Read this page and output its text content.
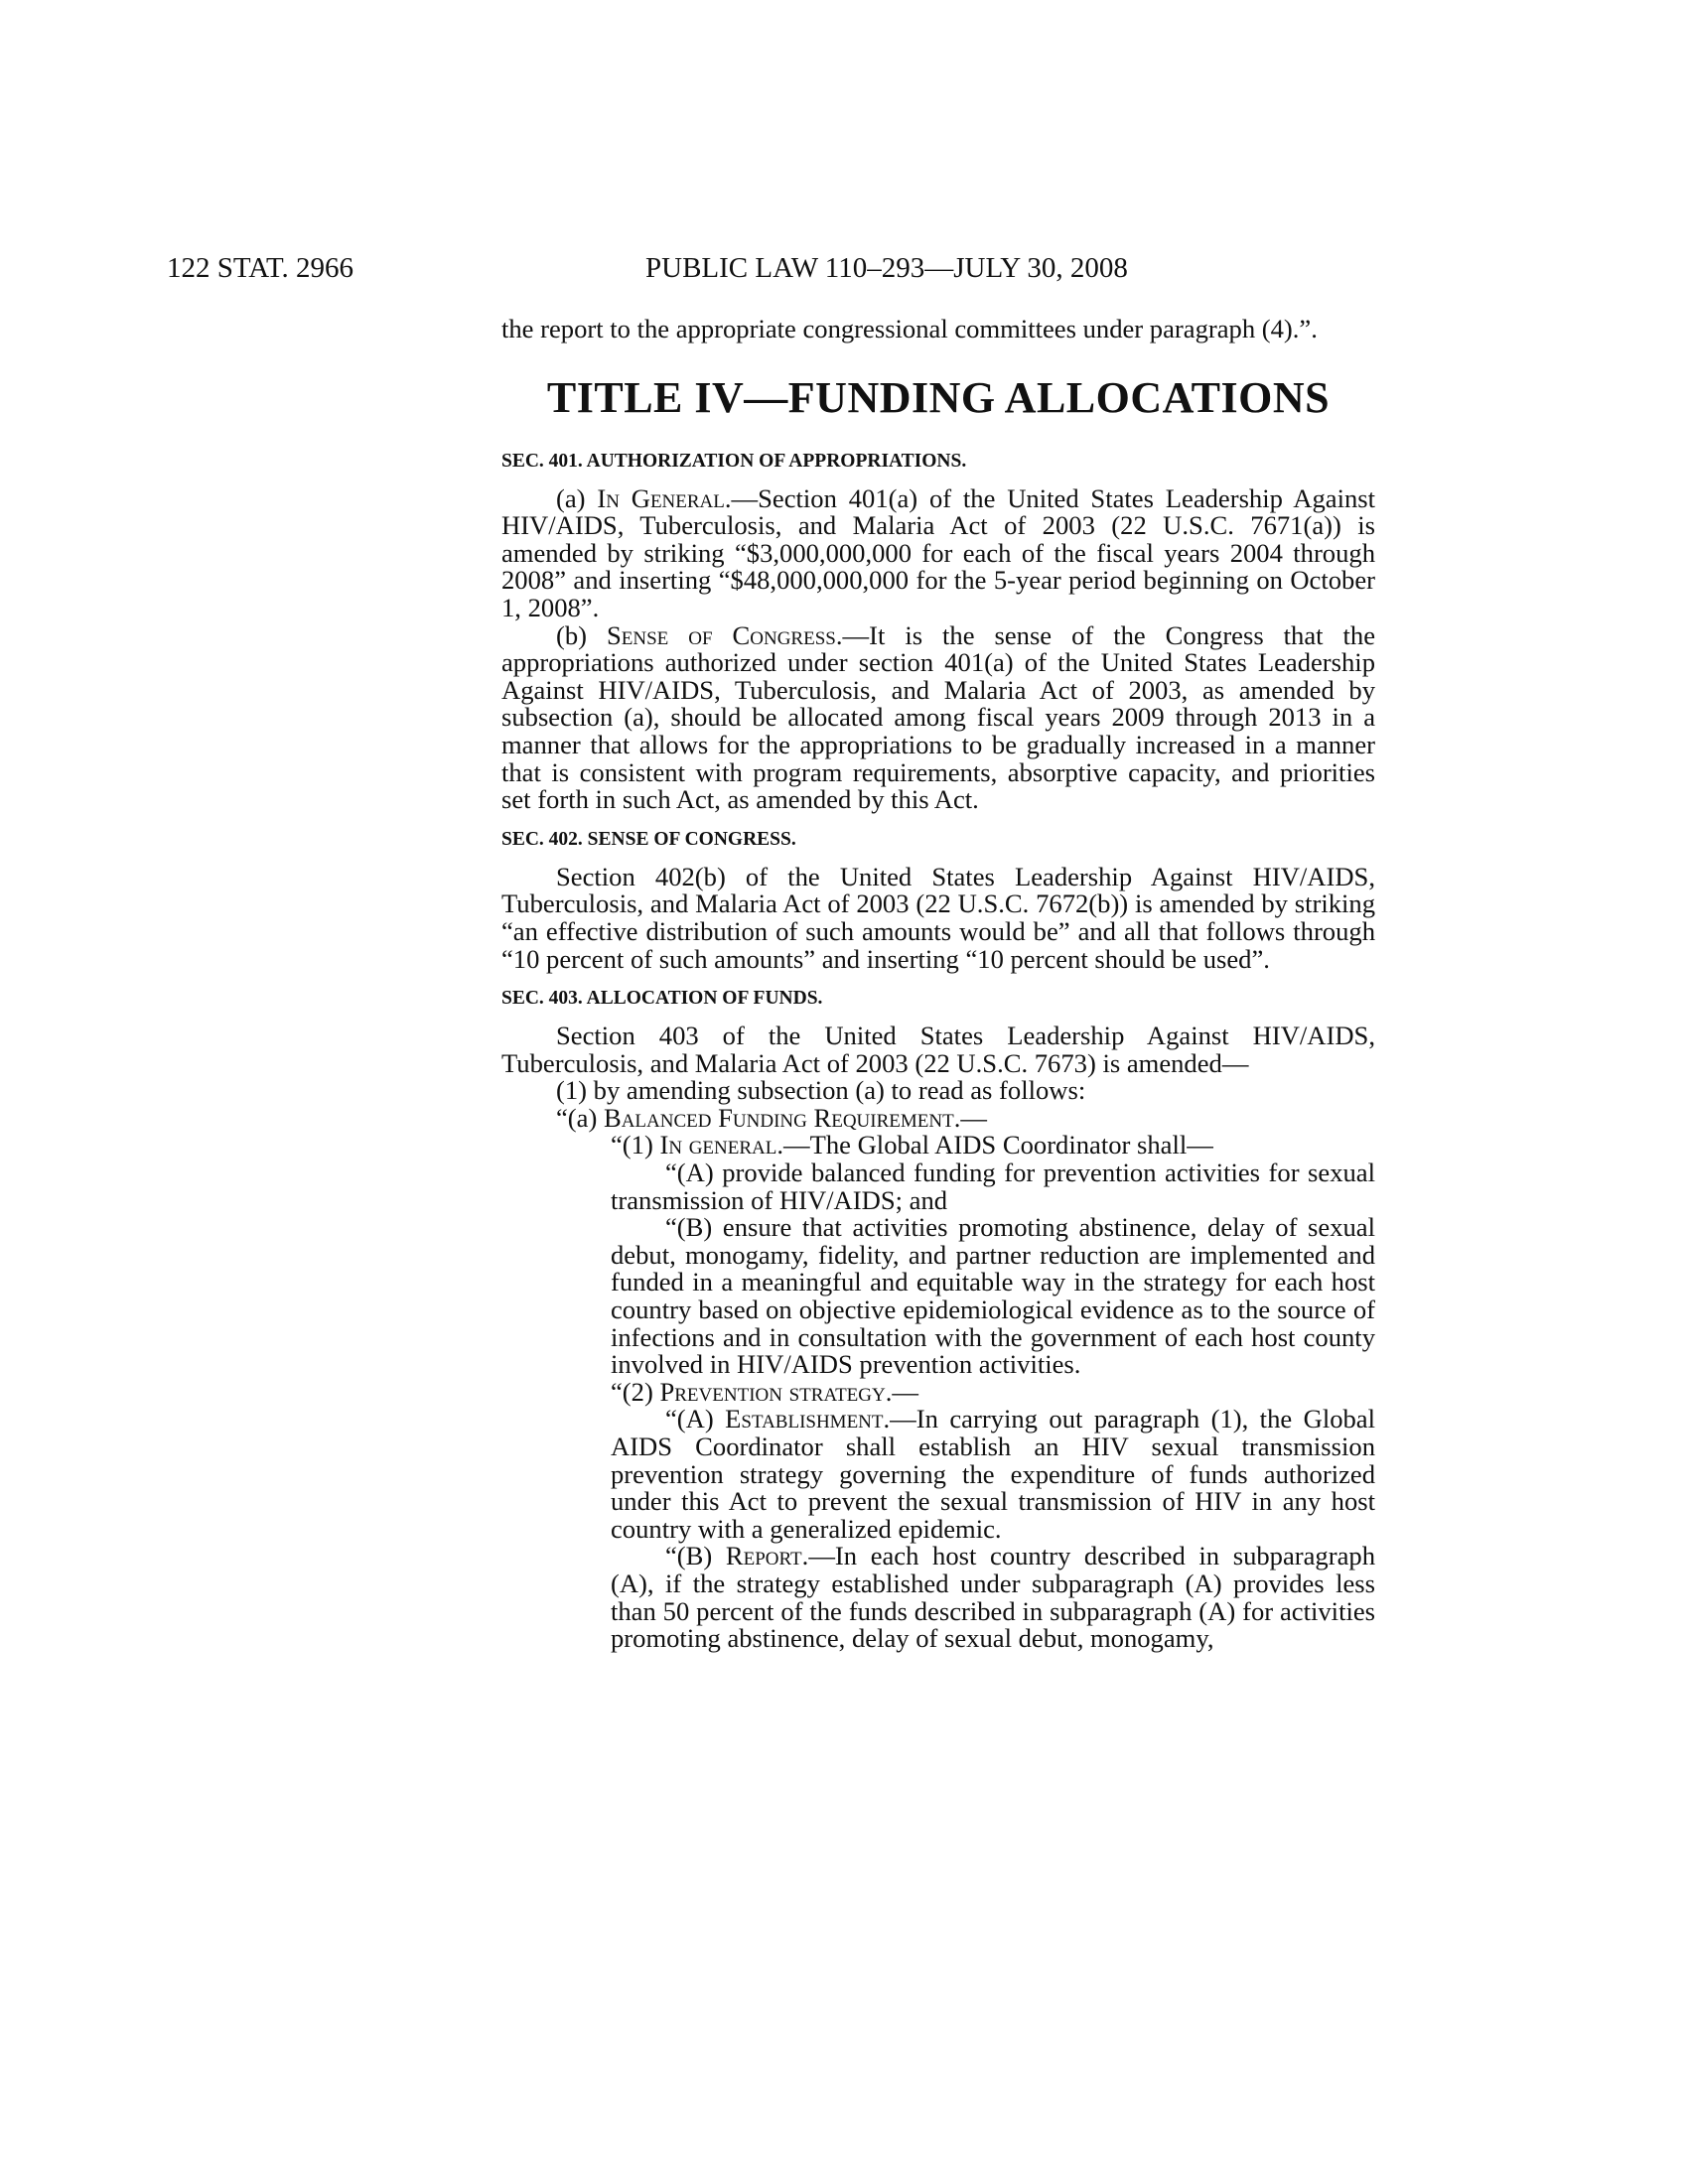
122 STAT. 2966	PUBLIC LAW 110–293—JULY 30, 2008

the report to the appropriate congressional committees under paragraph (4).”.

TITLE IV—FUNDING ALLOCATIONS
SEC. 401. AUTHORIZATION OF APPROPRIATIONS.

(a) In General.—Section 401(a) of the United States Leadership Against HIV/AIDS, Tuberculosis, and Malaria Act of 2003 (22 U.S.C. 7671(a)) is amended by striking “$3,000,000,000 for each of the fiscal years 2004 through 2008” and inserting “$48,000,000,000 for the 5-year period beginning on October 1, 2008”.

(b) Sense of Congress.—It is the sense of the Congress that the appropriations authorized under section 401(a) of the United States Leadership Against HIV/AIDS, Tuberculosis, and Malaria Act of 2003, as amended by subsection (a), should be allocated among fiscal years 2009 through 2013 in a manner that allows for the appropriations to be gradually increased in a manner that is consistent with program requirements, absorptive capacity, and priorities set forth in such Act, as amended by this Act.

SEC. 402. SENSE OF CONGRESS.

Section 402(b) of the United States Leadership Against HIV/AIDS, Tuberculosis, and Malaria Act of 2003 (22 U.S.C. 7672(b)) is amended by striking “an effective distribution of such amounts would be” and all that follows through “10 percent of such amounts” and inserting “10 percent should be used”.

SEC. 403. ALLOCATION OF FUNDS.

Section 403 of the United States Leadership Against HIV/AIDS, Tuberculosis, and Malaria Act of 2003 (22 U.S.C. 7673) is amended—

(1) by amending subsection (a) to read as follows:

“(a) Balanced Funding Requirement.—

“(1) In general.—The Global AIDS Coordinator shall—

“(A) provide balanced funding for prevention activities for sexual transmission of HIV/AIDS; and

“(B) ensure that activities promoting abstinence, delay of sexual debut, monogamy, fidelity, and partner reduction are implemented and funded in a meaningful and equitable way in the strategy for each host country based on objective epidemiological evidence as to the source of infections and in consultation with the government of each host county involved in HIV/AIDS prevention activities.

“(2) Prevention strategy.—

“(A) Establishment.—In carrying out paragraph (1), the Global AIDS Coordinator shall establish an HIV sexual transmission prevention strategy governing the expenditure of funds authorized under this Act to prevent the sexual transmission of HIV in any host country with a generalized epidemic.

“(B) Report.—In each host country described in subparagraph (A), if the strategy established under subparagraph (A) provides less than 50 percent of the funds described in subparagraph (A) for activities promoting abstinence, delay of sexual debut, monogamy,
